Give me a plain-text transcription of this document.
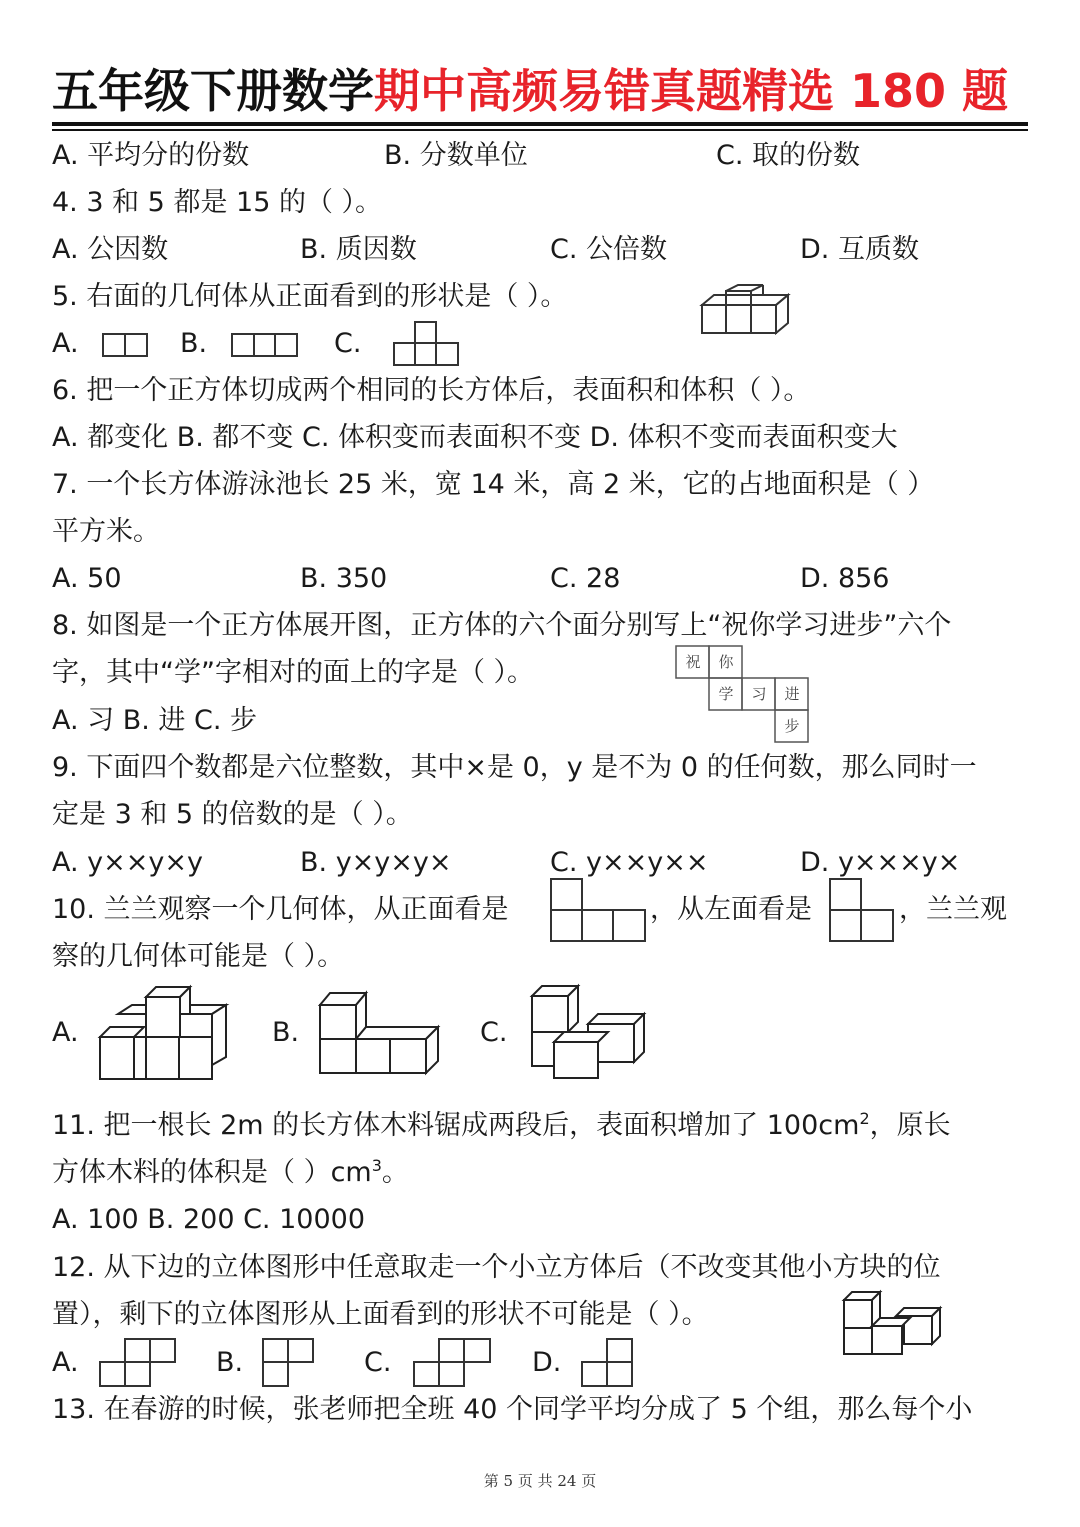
五年级下册数学期中高频易错真题精选 180 题
A. 平均分的份数	B. 分数单位	C. 取的份数
4. 3 和 5 都是 15 的（ ）。
A. 公因数	B. 质因数	C. 公倍数	D. 互质数
5. 右面的几何体从正面看到的形状是（ ）。
A.	B.	C.
6. 把一个正方体切成两个相同的长方体后，表面积和体积（ ）。
A. 都变化 B. 都不变 C. 体积变而表面积不变 D. 体积不变而表面积变大
7. 一个长方体游泳池长 25 米，宽 14 米，高 2 米，它的占地面积是（ ）
平方米。
A. 50	B. 350	C. 28	D. 856
8. 如图是一个正方体展开图，正方体的六个面分别写上“祝你学习进步”六个
字，其中“学”字相对的面上的字是（ ）。
A. 习 B. 进 C. 步
祝 你
学 习 进
步
9. 下面四个数都是六位整数，其中×是 0，y 是不为 0 的任何数，那么同时一
定是 3 和 5 的倍数的是（ ）。
A. y××y×y	B. y×y×y×	C. y××y××	D. y×××y×
10. 兰兰观察一个几何体，从正面看是	，从左面看是	，兰兰观
察的几何体可能是（ ）。
A.	B.	C.
11. 把一根长 2m 的长方体木料锯成两段后，表面积增加了 $100cm^2$，原长
方体木料的体积是（ ）$cm^3$。
A. 100 B. 200 C. 10000
12. 从下边的立体图形中任意取走一个小立方体后（不改变其他小方块的位
置），剩下的立体图形从上面看到的形状不可能是（ ）。
A.	B.	C.	D.
13. 在春游的时候，张老师把全班 40 个同学平均分成了 5 个组，那么每个小
第 5 页 共 24 页
